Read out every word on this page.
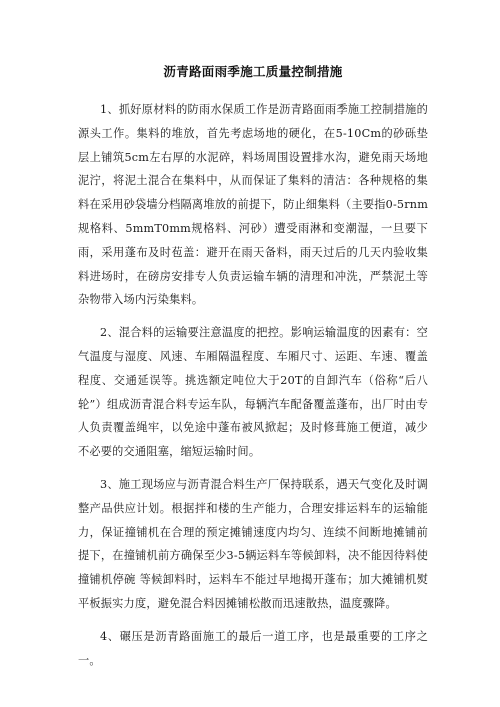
沥青路面雨季施工质量控制措施

1、抓好原材料的防雨水保质工作是沥青路面雨季施工控制措施的源头工作。集料的堆放，首先考虑场地的硬化，在5-10Cm的砂砾垫层上铺筑5cm左右厚的水泥碎，料场周围设置排水沟，避免雨天场地泥泞，将泥土混合在集料中，从而保证了集料的清洁：各种规格的集料在采用砂袋墙分档隔离堆放的前提下，防止细集料（主要指0-5rnm规格料、5mmT0mm规格料、河砂）遭受雨淋和变潮湿，一旦要下雨，采用蓬布及时苞盖：避开在雨天备料，雨天过后的几天内验收集料进场时，在磅房安排专人负责运输车辆的清理和冲洗，严禁泥土等杂物带入场内污染集料。

2、混合料的运输要注意温度的把控。影响运输温度的因素有：空气温度与湿度、风速、车厢隔温程度、车厢尺寸、运距、车速、覆盖程度、交通延误等。挑选额定吨位大于20T的自卸汽车（俗称“后八轮”）组成沥青混合料专运车队，每辆汽车配备覆盖蓬布，出厂时由专人负责覆盖绳牢，以免途中蓬布被风掀起；及时修葺施工便道，减少不必要的交通阻塞，缩短运输时间。

3、施工现场应与沥青混合料生产厂保持联系，遇天气变化及时调整产品供应计划。根据拌和楼的生产能力，合理安排运料车的运输能力，保证撞铺机在合理的预定摊铺速度内均匀、连续不间断地摊铺前提下，在撞铺机前方确保至少3-5辆运料车等候卸料，决不能因待料使撞铺机停碗 等候卸料时，运料车不能过早地揭开蓬布；加大摊铺机熨平板振实力度，避免混合料因摊铺松散而迅速散热，温度骤降。

4、碾压是沥青路面施工的最后一道工序，也是最重要的工序之一。
